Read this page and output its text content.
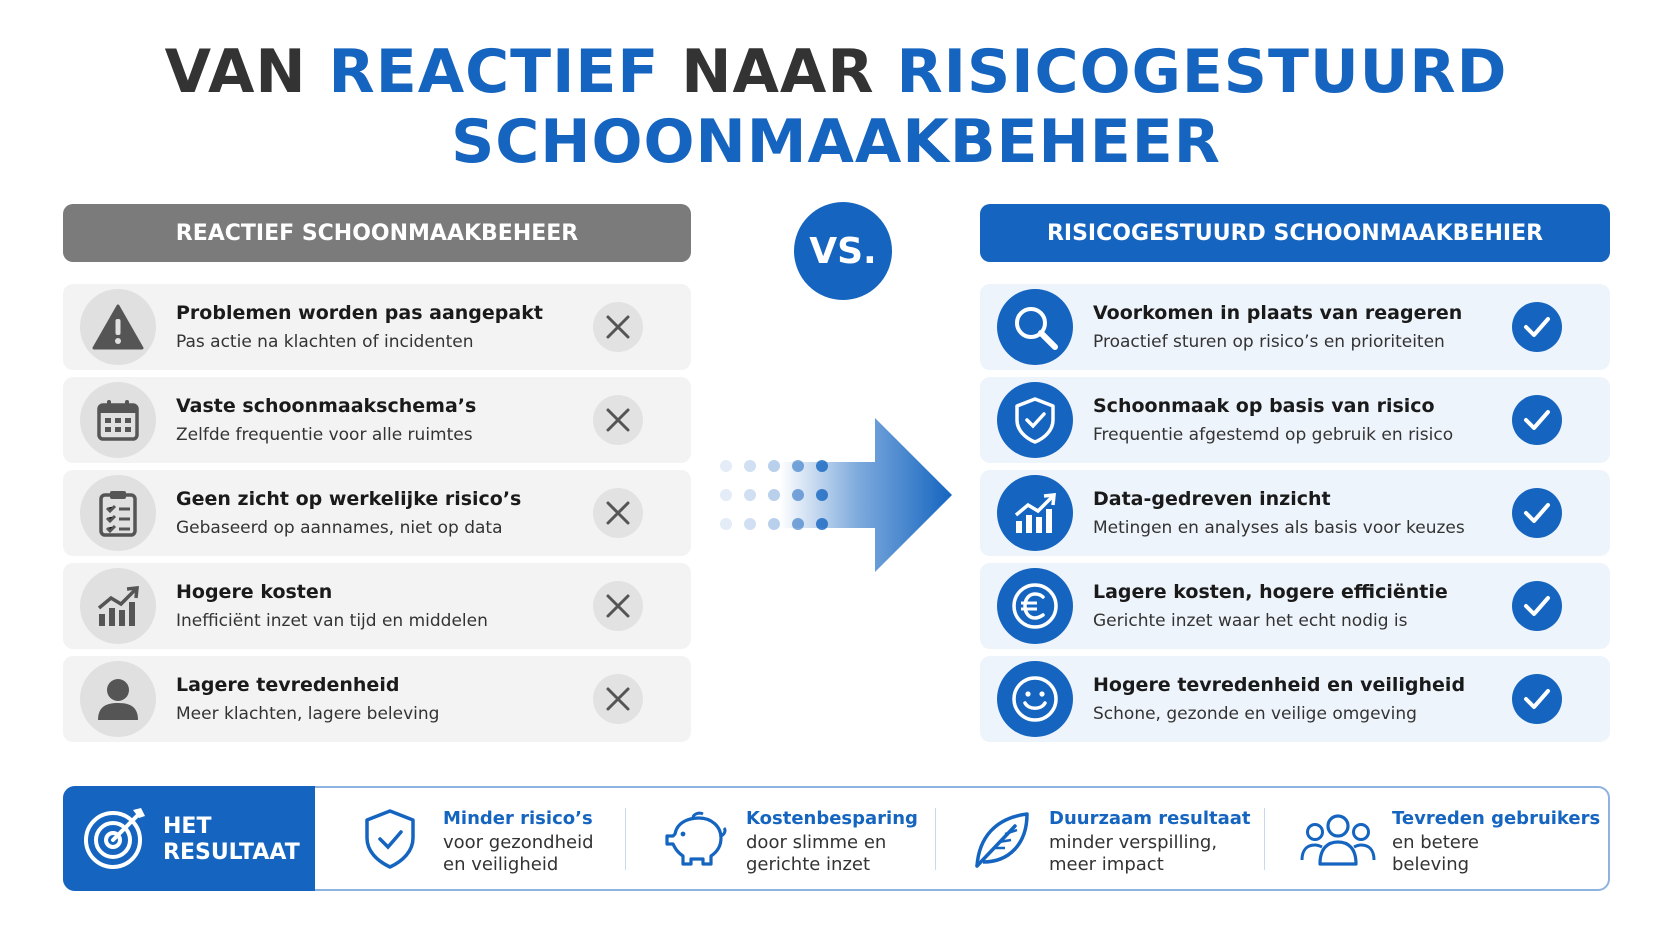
VAN REACTIEF NAAR RISICOGESTUURD
SCHOONMAAKBEHEER
REACTIEF SCHOONMAAKBEHEER	VS.	RISICOGESTUURD SCHOONMAAKBEHIER
Problemen worden pas aangepakt
Pas actie na klachten of incidenten
Vaste schoonmaakschema’s
Zelfde frequentie voor alle ruimtes
Geen zicht op werkelijke risico’s
Gebaseerd op aannames, niet op data
Hogere kosten
Inefficiënt inzet van tijd en middelen
Lagere tevredenheid
Meer klachten, lagere beleving
Voorkomen in plaats van reageren
Proactief sturen op risico’s en prioriteiten
Schoonmaak op basis van risico
Frequentie afgestemd op gebruik en risico
Data-gedreven inzicht
Metingen en analyses als basis voor keuzes
Lagere kosten, hogere efficiëntie
Gerichte inzet waar het echt nodig is
Hogere tevredenheid en veiligheid
Schone, gezonde en veilige omgeving
HET
RESULTAAT
Minder risico’s
voor gezondheid
en veiligheid
Kostenbesparing
door slimme en
gerichte inzet
Duurzaam resultaat
minder verspilling,
meer impact
Tevreden gebruikers
en betere
beleving
